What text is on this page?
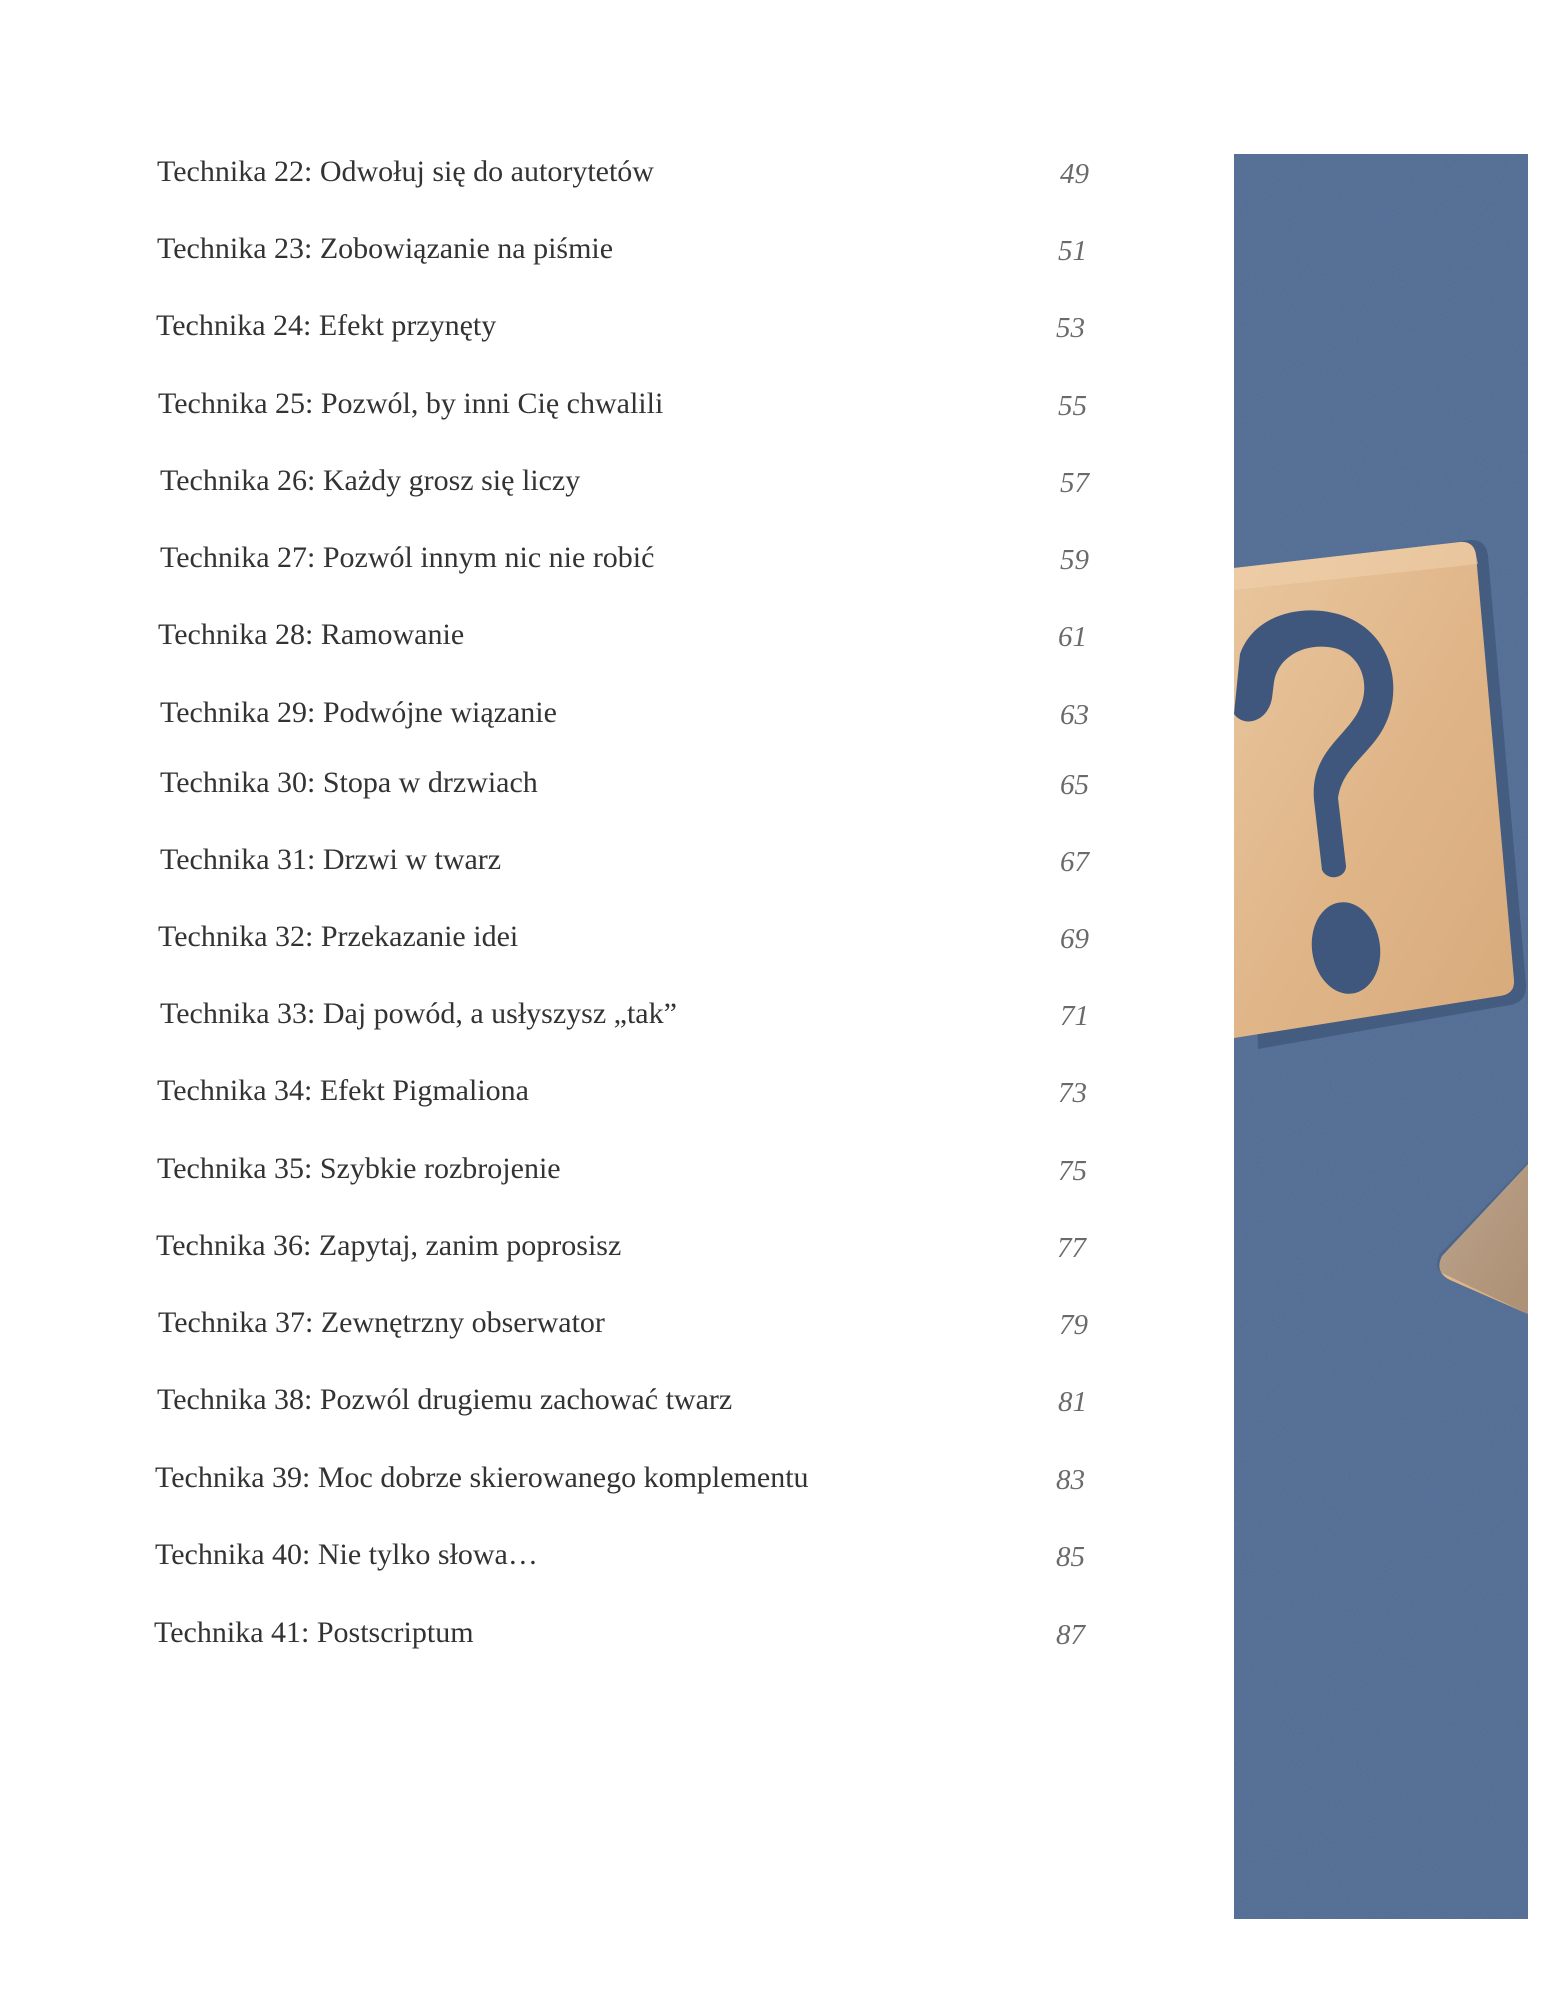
Technika 22: Odwołuj się do autorytetów	49
Technika 23: Zobowiązanie na piśmie	51
Technika 24: Efekt przynęty	53
Technika 25: Pozwól, by inni Cię chwalili	55
Technika 26: Każdy grosz się liczy	57
Technika 27: Pozwól innym nic nie robić	59
Technika 28: Ramowanie	61
Technika 29: Podwójne wiązanie	63
Technika 30: Stopa w drzwiach	65
Technika 31: Drzwi w twarz	67
Technika 32: Przekazanie idei	69
Technika 33: Daj powód, a usłyszysz „tak”	71
Technika 34: Efekt Pigmaliona	73
Technika 35: Szybkie rozbrojenie	75
Technika 36: Zapytaj, zanim poprosisz	77
Technika 37: Zewnętrzny obserwator	79
Technika 38: Pozwól drugiemu zachować twarz	81
Technika 39: Moc dobrze skierowanego komplementu	83
Technika 40: Nie tylko słowa…	85
Technika 41: Postscriptum	87
